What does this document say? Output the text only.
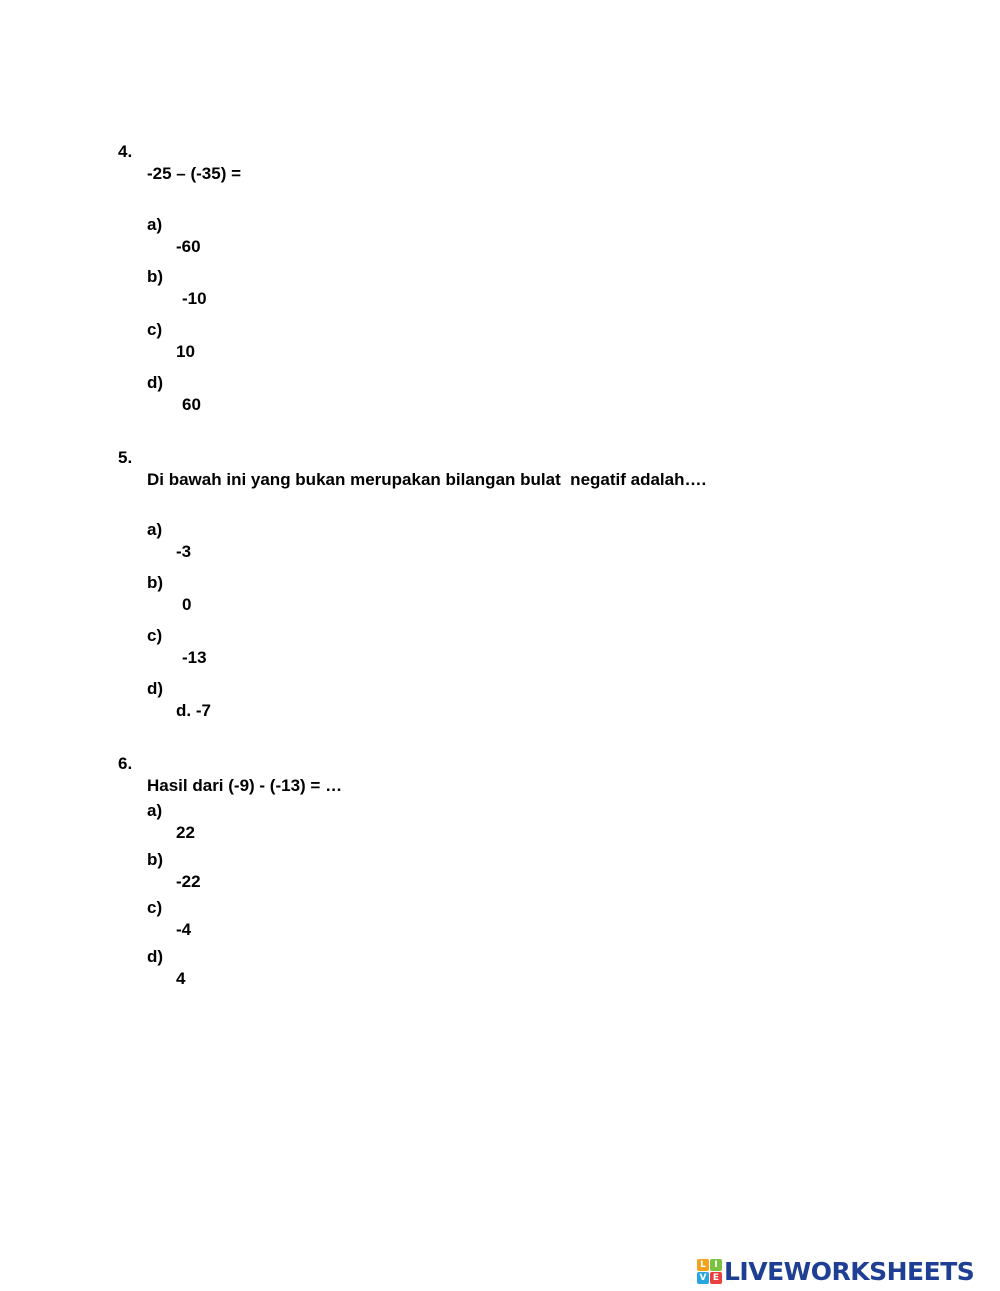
4.

-25 – (-35) =

a)

-60

b)

-10

c)

10

d)

60

5.

Di bawah ini yang bukan merupakan bilangan bulat  negatif adalah….

a)

-3

b)

0

c)

-13

d)

d. -7

6.

Hasil dari (-9) - (-13) = …

a)

22

b)

-22

c)

-4

d)

4

L I
V E LIVEWORKSHEETS
